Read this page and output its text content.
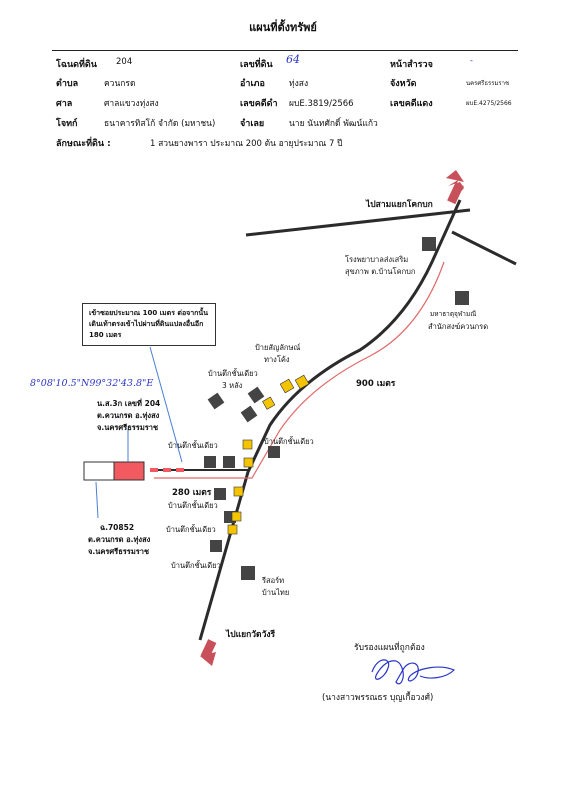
แผนที่ตั้งทรัพย์
โฉนดที่ดิน 204	เลขที่ดิน 64	หน้าสำรวจ	-
ตำบล	ควนกรด	อำเภอ	ทุ่งสง	จังหวัด	นครศรีธรรมราช
ศาล	ศาลแขวงทุ่งสง	เลขคดีดำ ผบE.3819/2566	เลขคดีแดง	ผบE.4275/2566
โจทก์	ธนาคารทิสโก้ จำกัด (มหาชน)	จำเลย	นาย นันทศักดิ์ พัฒน์แก้ว
ลักษณะที่ดิน :	1 สวนยางพารา ประมาณ 200 ต้น อายุประมาณ 7 ปี
ไปสามแยกโคกบก
โรงพยาบาลส่งเสริม
สุขภาพ ต.บ้านโคกบก
มหาธาตุจุฬามณี
สำนักสงฆ์ควนกรด
ป้ายสัญลักษณ์
ทางโค้ง
บ้านตึกชั้นเดียว
3 หลัง	900 เมตร
บ้านตึกชั้นเดียว	บ้านตึกชั้นเดียว
280 เมตร
บ้านตึกชั้นเดียว
บ้านตึกชั้นเดียว
บ้านตึกชั้นเดียว
รีสอร์ท
บ้านไทย
ไปแยกวัดวังรี
เข้าซอยประมาณ 100 เมตร ต่อจากนั้นเดินเท้าตรงเข้าไปผ่านที่ดินแปลงอื่นอีก 180 เมตร
8°08'10.5"N99°32'43.8"E
น.ส.3ก เลขที่ 204
ต.ควนกรด อ.ทุ่งสง
จ.นครศรีธรรมราช
ฉ.70852
ต.ควนกรด อ.ทุ่งสง
จ.นครศรีธรรมราช
รับรองแผนที่ถูกต้อง
(นางสาวพรรณธร บุญเกื้อวงศ์)
